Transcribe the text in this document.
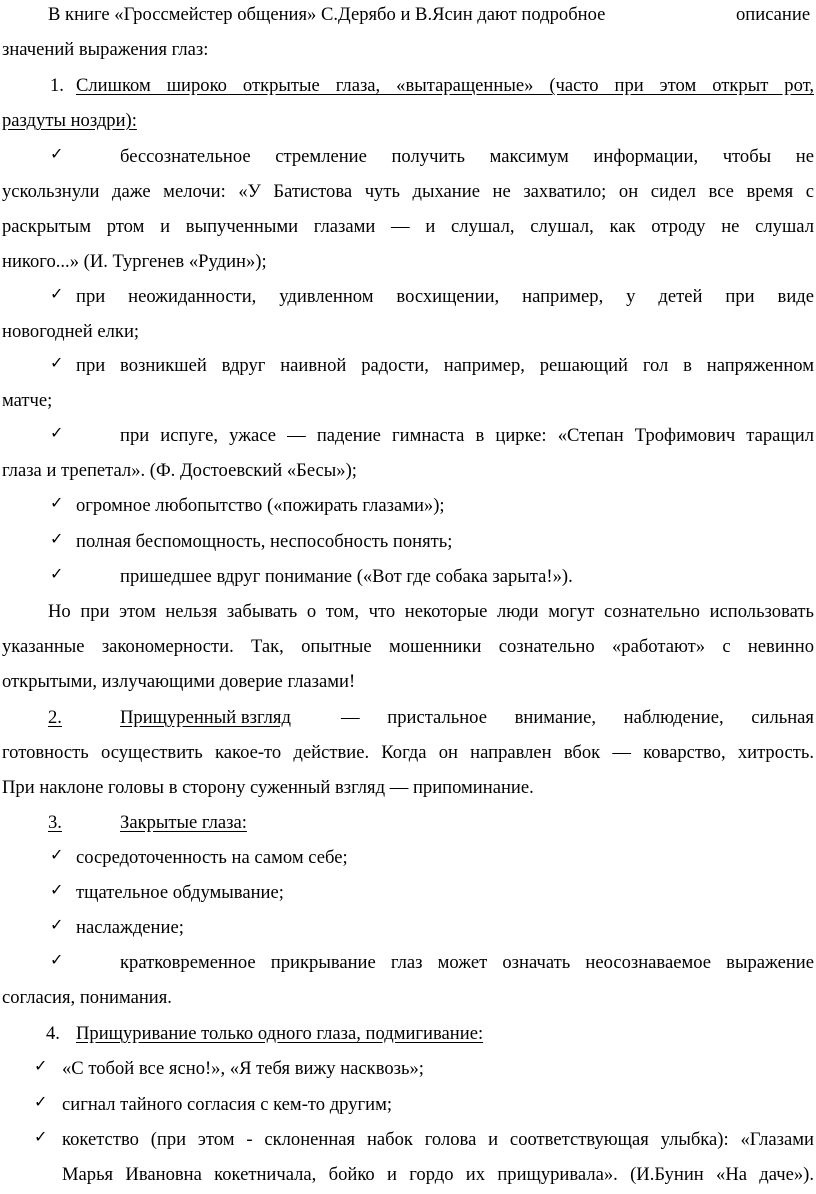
В книге «Гроссмейстер общения» С.Дерябо и В.Ясин дают подробное	описание
значений выражения глаз:
1. Слишком широко открытые глаза, «вытаращенные» (часто при этом открыт рот,
раздуты ноздри):
✓	бессознательное стремление получить максимум информации, чтобы не
ускользнули даже мелочи: «У Батистова чуть дыхание не захватило; он сидел все время с
раскрытым ртом и выпученными глазами — и слушал, слушал, как отроду не слушал
никого...» (И. Тургенев «Рудин»);
✓ при неожиданности, удивленном восхищении, например, у детей при виде
новогодней елки;
✓ при возникшей вдруг наивной радости, например, решающий гол в напряженном
матче;
✓	при испуге, ужасе — падение гимнаста в цирке: «Степан Трофимович таращил
глаза и трепетал». (Ф. Достоевский «Бесы»);
✓ огромное любопытство («пожирать глазами»);
✓ полная беспомощность, неспособность понять;
✓	пришедшее вдруг понимание («Вот где собака зарыта!»).
Но при этом нельзя забывать о том, что некоторые люди могут сознательно использовать
указанные закономерности. Так, опытные мошенники сознательно «работают» с невинно
открытыми, излучающими доверие глазами!
2.	Прищуренный взгляд	— пристальное внимание, наблюдение, сильная
готовность осуществить какое-то действие. Когда он направлен вбок — коварство, хитрость.
При наклоне головы в сторону суженный взгляд — припоминание.
3.	Закрытые глаза:
✓ сосредоточенность на самом себе;
✓ тщательное обдумывание;
✓ наслаждение;
✓	кратковременное прикрывание глаз может означать неосознаваемое выражение
согласия, понимания.
4. Прищуривание только одного глаза, подмигивание:
✓ «С тобой все ясно!», «Я тебя вижу насквозь»;
✓ сигнал тайного согласия с кем-то другим;
✓ кокетство (при этом - склоненная набок голова и соответствующая улыбка): «Глазами
Марья Ивановна кокетничала, бойко и гордо их прищуривала». (И.Бунин «На даче»).
